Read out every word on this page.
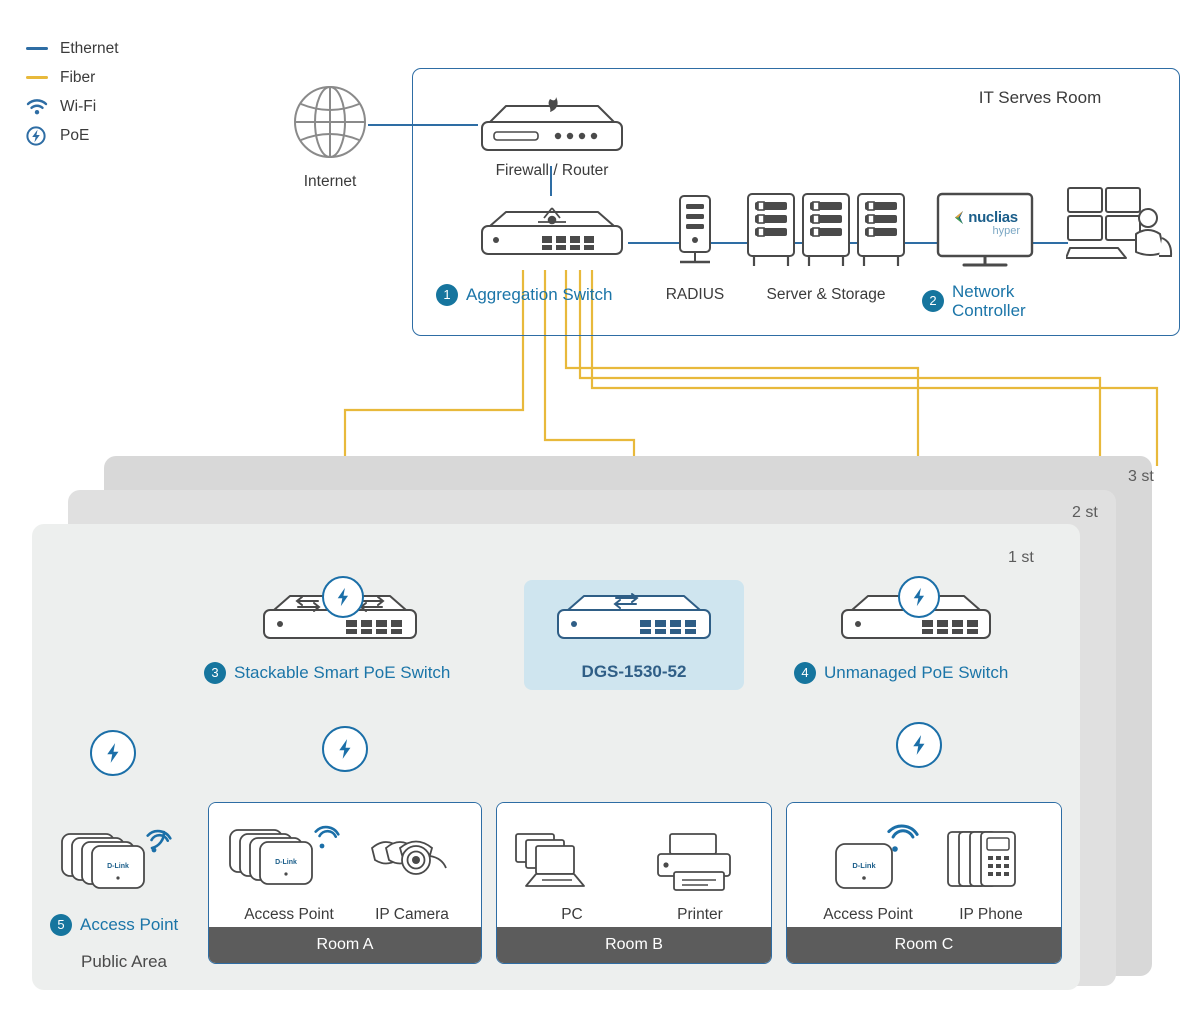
Ethernet
Fiber
Wi-Fi
PoE
3 st
2 st
1 st
IT Serves Room
Internet
Firewall / Router
1 Aggregation Switch	RADIUS	Server & Storage
nuclias
hyper
2 Network Controller
3 Stackable Smart PoE Switch	DGS-1530-52	4 Unmanaged PoE Switch
D-Link
5 Access Point
Public Area
Room A
D-Link
Access Point	IP Camera
Room B
PC	Printer
Room C
D-Link
Access Point	IP Phone
